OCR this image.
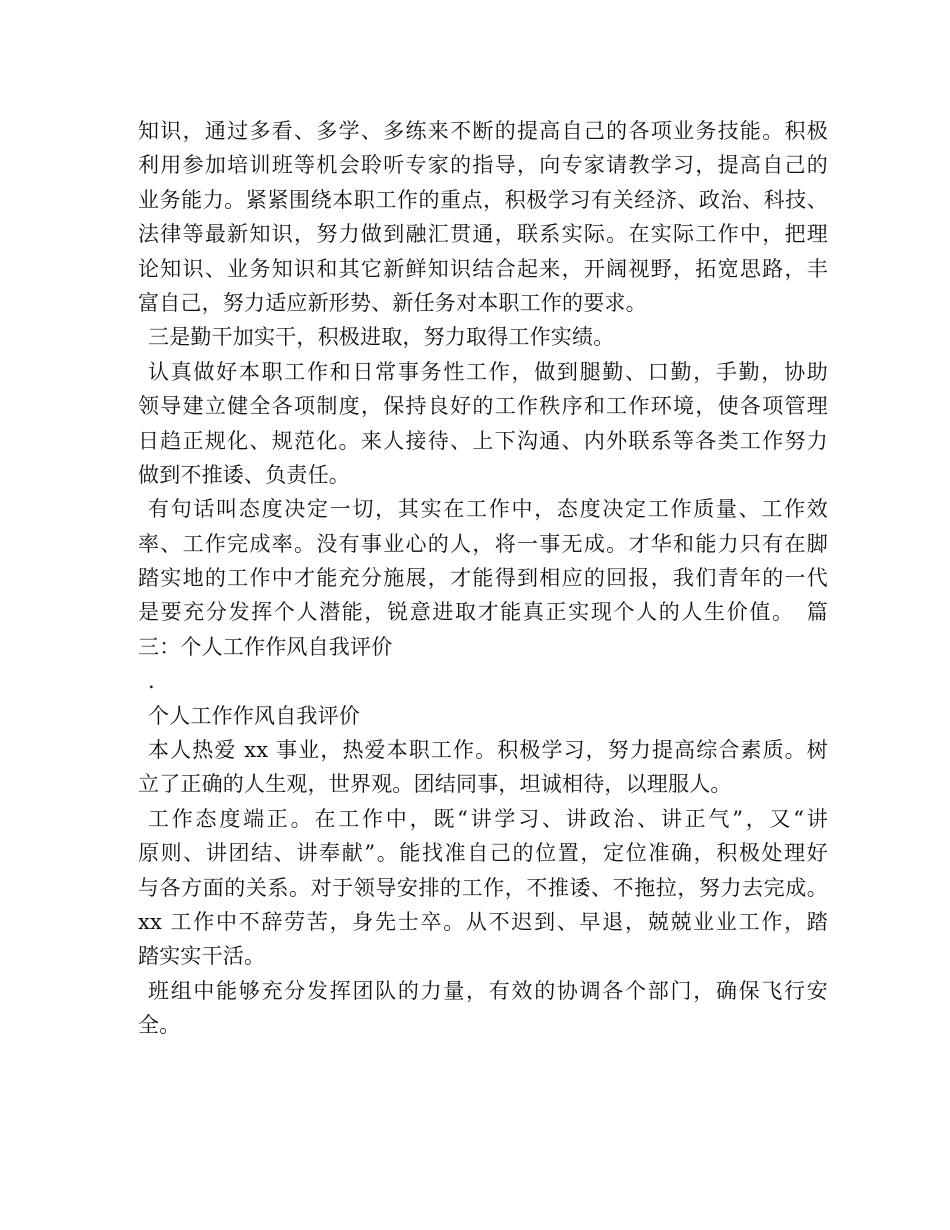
知识，通过多看、多学、多练来不断的提高自己的各项业务技能。积极
利用参加培训班等机会聆听专家的指导，向专家请教学习，提高自己的
业务能力。紧紧围绕本职工作的重点，积极学习有关经济、政治、科技、
法律等最新知识，努力做到融汇贯通，联系实际。在实际工作中，把理
论知识、业务知识和其它新鲜知识结合起来，开阔视野，拓宽思路，丰
富自己，努力适应新形势、新任务对本职工作的要求。
三是勤干加实干，积极进取，努力取得工作实绩。
认真做好本职工作和日常事务性工作，做到腿勤、口勤，手勤，协助
领导建立健全各项制度，保持良好的工作秩序和工作环境，使各项管理
日趋正规化、规范化。来人接待、上下沟通、内外联系等各类工作努力
做到不推诿、负责任。
有句话叫态度决定一切，其实在工作中，态度决定工作质量、工作效
率、工作完成率。没有事业心的人，将一事无成。才华和能力只有在脚
踏实地的工作中才能充分施展，才能得到相应的回报，我们青年的一代
是要充分发挥个人潜能，锐意进取才能真正实现个人的人生价值。　篇
三：个人工作作风自我评价
.
个人工作作风自我评价
本人热爱 xx 事业，热爱本职工作。积极学习，努力提高综合素质。树
立了正确的人生观，世界观。团结同事，坦诚相待，以理服人。
工作态度端正。在工作中，既“讲学习、讲政治、讲正气”，又“讲
原则、讲团结、讲奉献”。能找准自己的位置，定位准确，积极处理好
与各方面的关系。对于领导安排的工作，不推诿、不拖拉，努力去完成。
xx 工作中不辞劳苦，身先士卒。从不迟到、早退，兢兢业业工作，踏
踏实实干活。
班组中能够充分发挥团队的力量，有效的协调各个部门，确保飞行安
全。
